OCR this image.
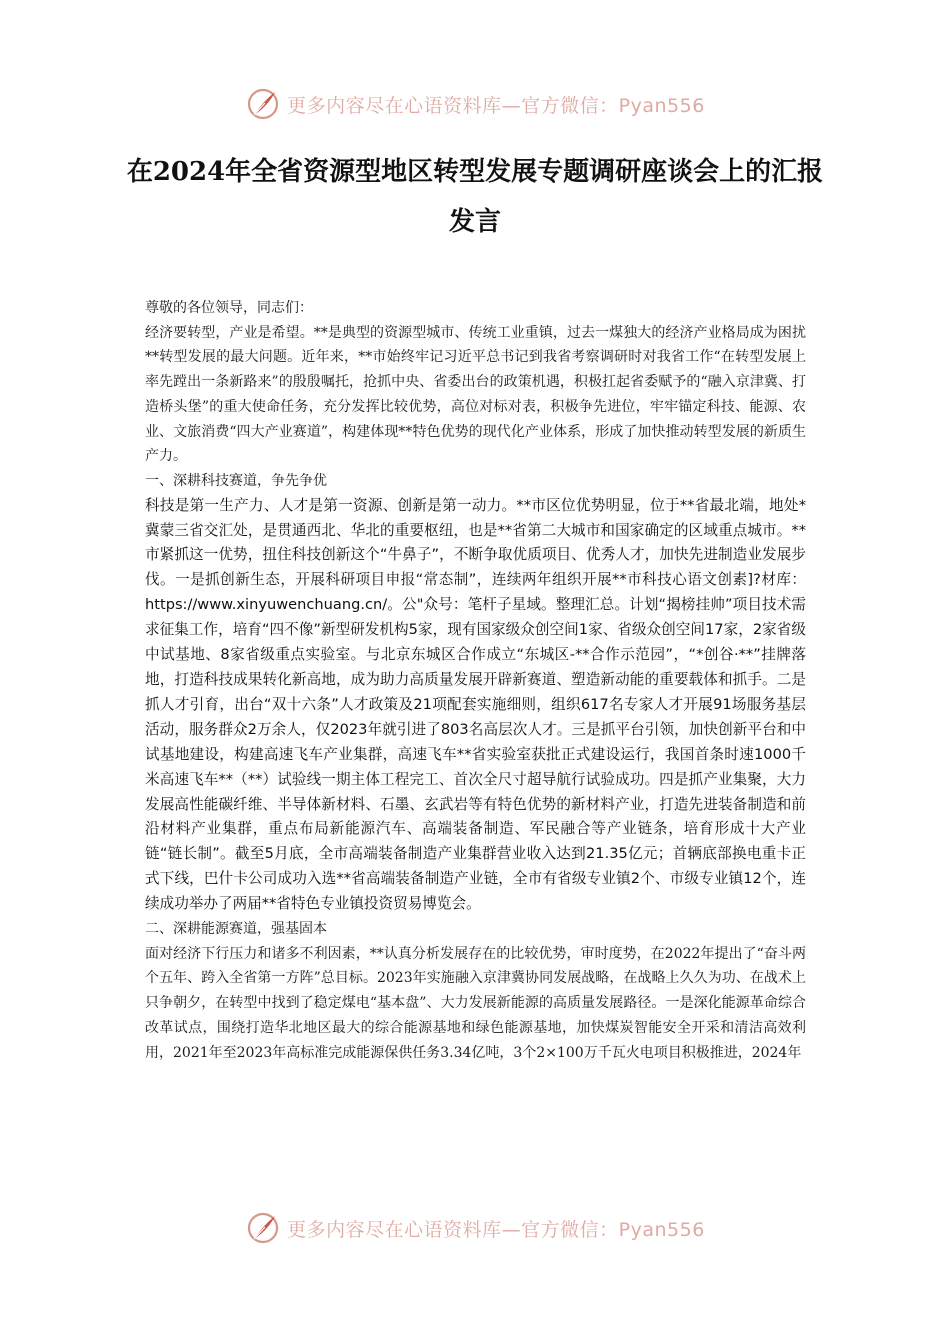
更多内容尽在心语资料库—官方微信：Pyan556
在2024年全省资源型地区转型发展专题调研座谈会上的汇报发言

尊敬的各位领导，同志们：

经济要转型，产业是希望。**是典型的资源型城市、传统工业重镇，过去一煤独大的经济产业格局成为困扰**转型发展的最大问题。近年来，**市始终牢记习近平总书记到我省考察调研时对我省工作“在转型发展上率先蹚出一条新路来”的殷殷嘱托，抢抓中央、省委出台的政策机遇，积极扛起省委赋予的“融入京津冀、打造桥头堡”的重大使命任务，充分发挥比较优势，高位对标对表，积极争先进位，牢牢锚定科技、能源、农业、文旅消费“四大产业赛道”，构建体现**特色优势的现代化产业体系，形成了加快推动转型发展的新质生产力。

一、深耕科技赛道，争先争优

科技是第一生产力、人才是第一资源、创新是第一动力。**市区位优势明显，位于**省最北端，地处*冀蒙三省交汇处，是贯通西北、华北的重要枢纽，也是**省第二大城市和国家确定的区域重点城市。**市紧抓这一优势，扭住科技创新这个“牛鼻子”，不断争取优质项目、优秀人才，加快先进制造业发展步伐。一是抓创新生态，开展科研项目申报“常态制”，连续两年组织开展**市科技心语文创素]?材库：https://www.xinyuwenchuang.cn/。公"众号：笔杆子星域。整理汇总。计划“揭榜挂帅”项目技术需求征集工作，培育“四不像”新型研发机构5家，现有国家级众创空间1家、省级众创空间17家，2家省级中试基地、8家省级重点实验室。与北京东城区合作成立“东城区-**合作示范园”，“*创谷·**”挂牌落地，打造科技成果转化新高地，成为助力高质量发展开辟新赛道、塑造新动能的重要载体和抓手。二是抓人才引育，出台“双十六条”人才政策及21项配套实施细则，组织617名专家人才开展91场服务基层活动，服务群众2万余人，仅2023年就引进了803名高层次人才。三是抓平台引领，加快创新平台和中试基地建设，构建高速飞车产业集群，高速飞车**省实验室获批正式建设运行，我国首条时速1000千米高速飞车**（**）试验线一期主体工程完工、首次全尺寸超导航行试验成功。四是抓产业集聚，大力发展高性能碳纤维、半导体新材料、石墨、玄武岩等有特色优势的新材料产业，打造先进装备制造和前沿材料产业集群，重点布局新能源汽车、高端装备制造、军民融合等产业链条，培育形成十大产业链“链长制”。截至5月底，全市高端装备制造产业集群营业收入达到21.35亿元；首辆底部换电重卡正式下线，巴什卡公司成功入选**省高端装备制造产业链，全市有省级专业镇2个、市级专业镇12个，连续成功举办了两届**省特色专业镇投资贸易博览会。

二、深耕能源赛道，强基固本

面对经济下行压力和诸多不利因素，**认真分析发展存在的比较优势，审时度势，在2022年提出了“奋斗两个五年、跨入全省第一方阵”总目标。2023年实施融入京津冀协同发展战略，在战略上久久为功、在战术上只争朝夕，在转型中找到了稳定煤电“基本盘”、大力发展新能源的高质量发展路径。一是深化能源革命综合改革试点，围绕打造华北地区最大的综合能源基地和绿色能源基地，加快煤炭智能安全开采和清洁高效利用，2021年至2023年高标准完成能源保供任务3.34亿吨，3个2×100万千瓦火电项目积极推进，2024年

更多内容尽在心语资料库—官方微信：Pyan556
